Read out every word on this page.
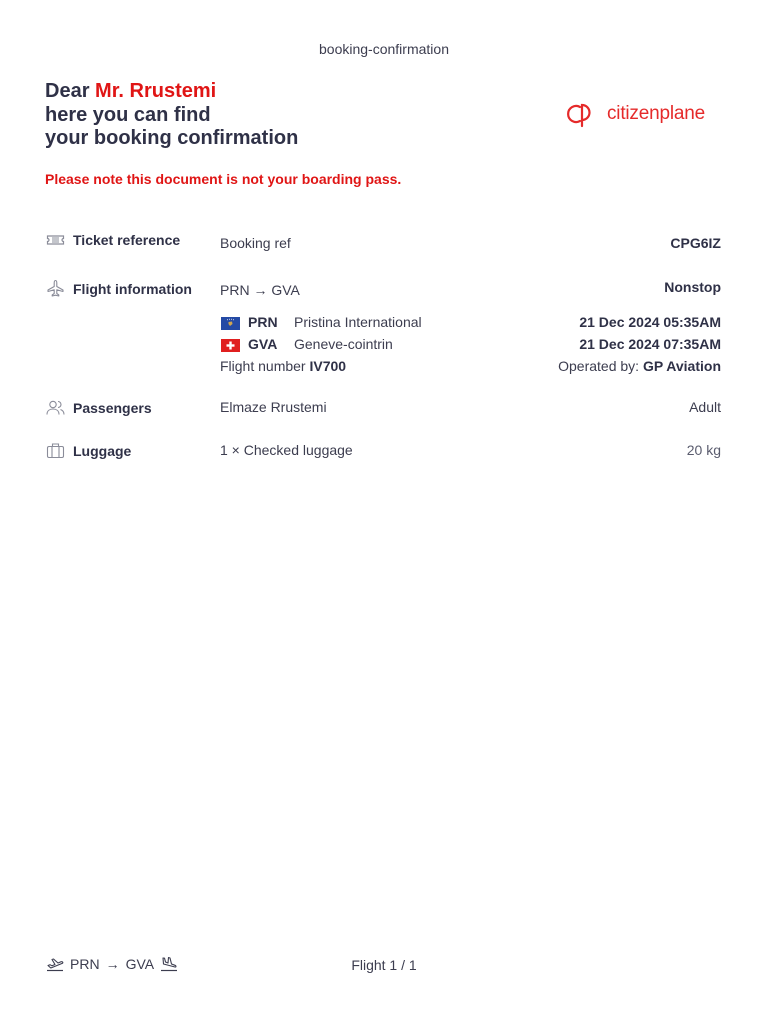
booking-confirmation
Dear Mr. Rrustemi
here you can find
your booking confirmation
citizenplane
Please note this document is not your boarding pass.
Ticket reference	Booking ref	CPG6IZ
Flight information PRN → GVA	Nonstop
PRN Pristina International	21 Dec 2024 05:35AM
GVA Geneve-cointrin	21 Dec 2024 07:35AM
Flight number IV700	Operated by: GP Aviation
Passengers	Elmaze Rrustemi	Adult
Luggage	1 × Checked luggage	20 kg
PRN → GVA	Flight 1 / 1
